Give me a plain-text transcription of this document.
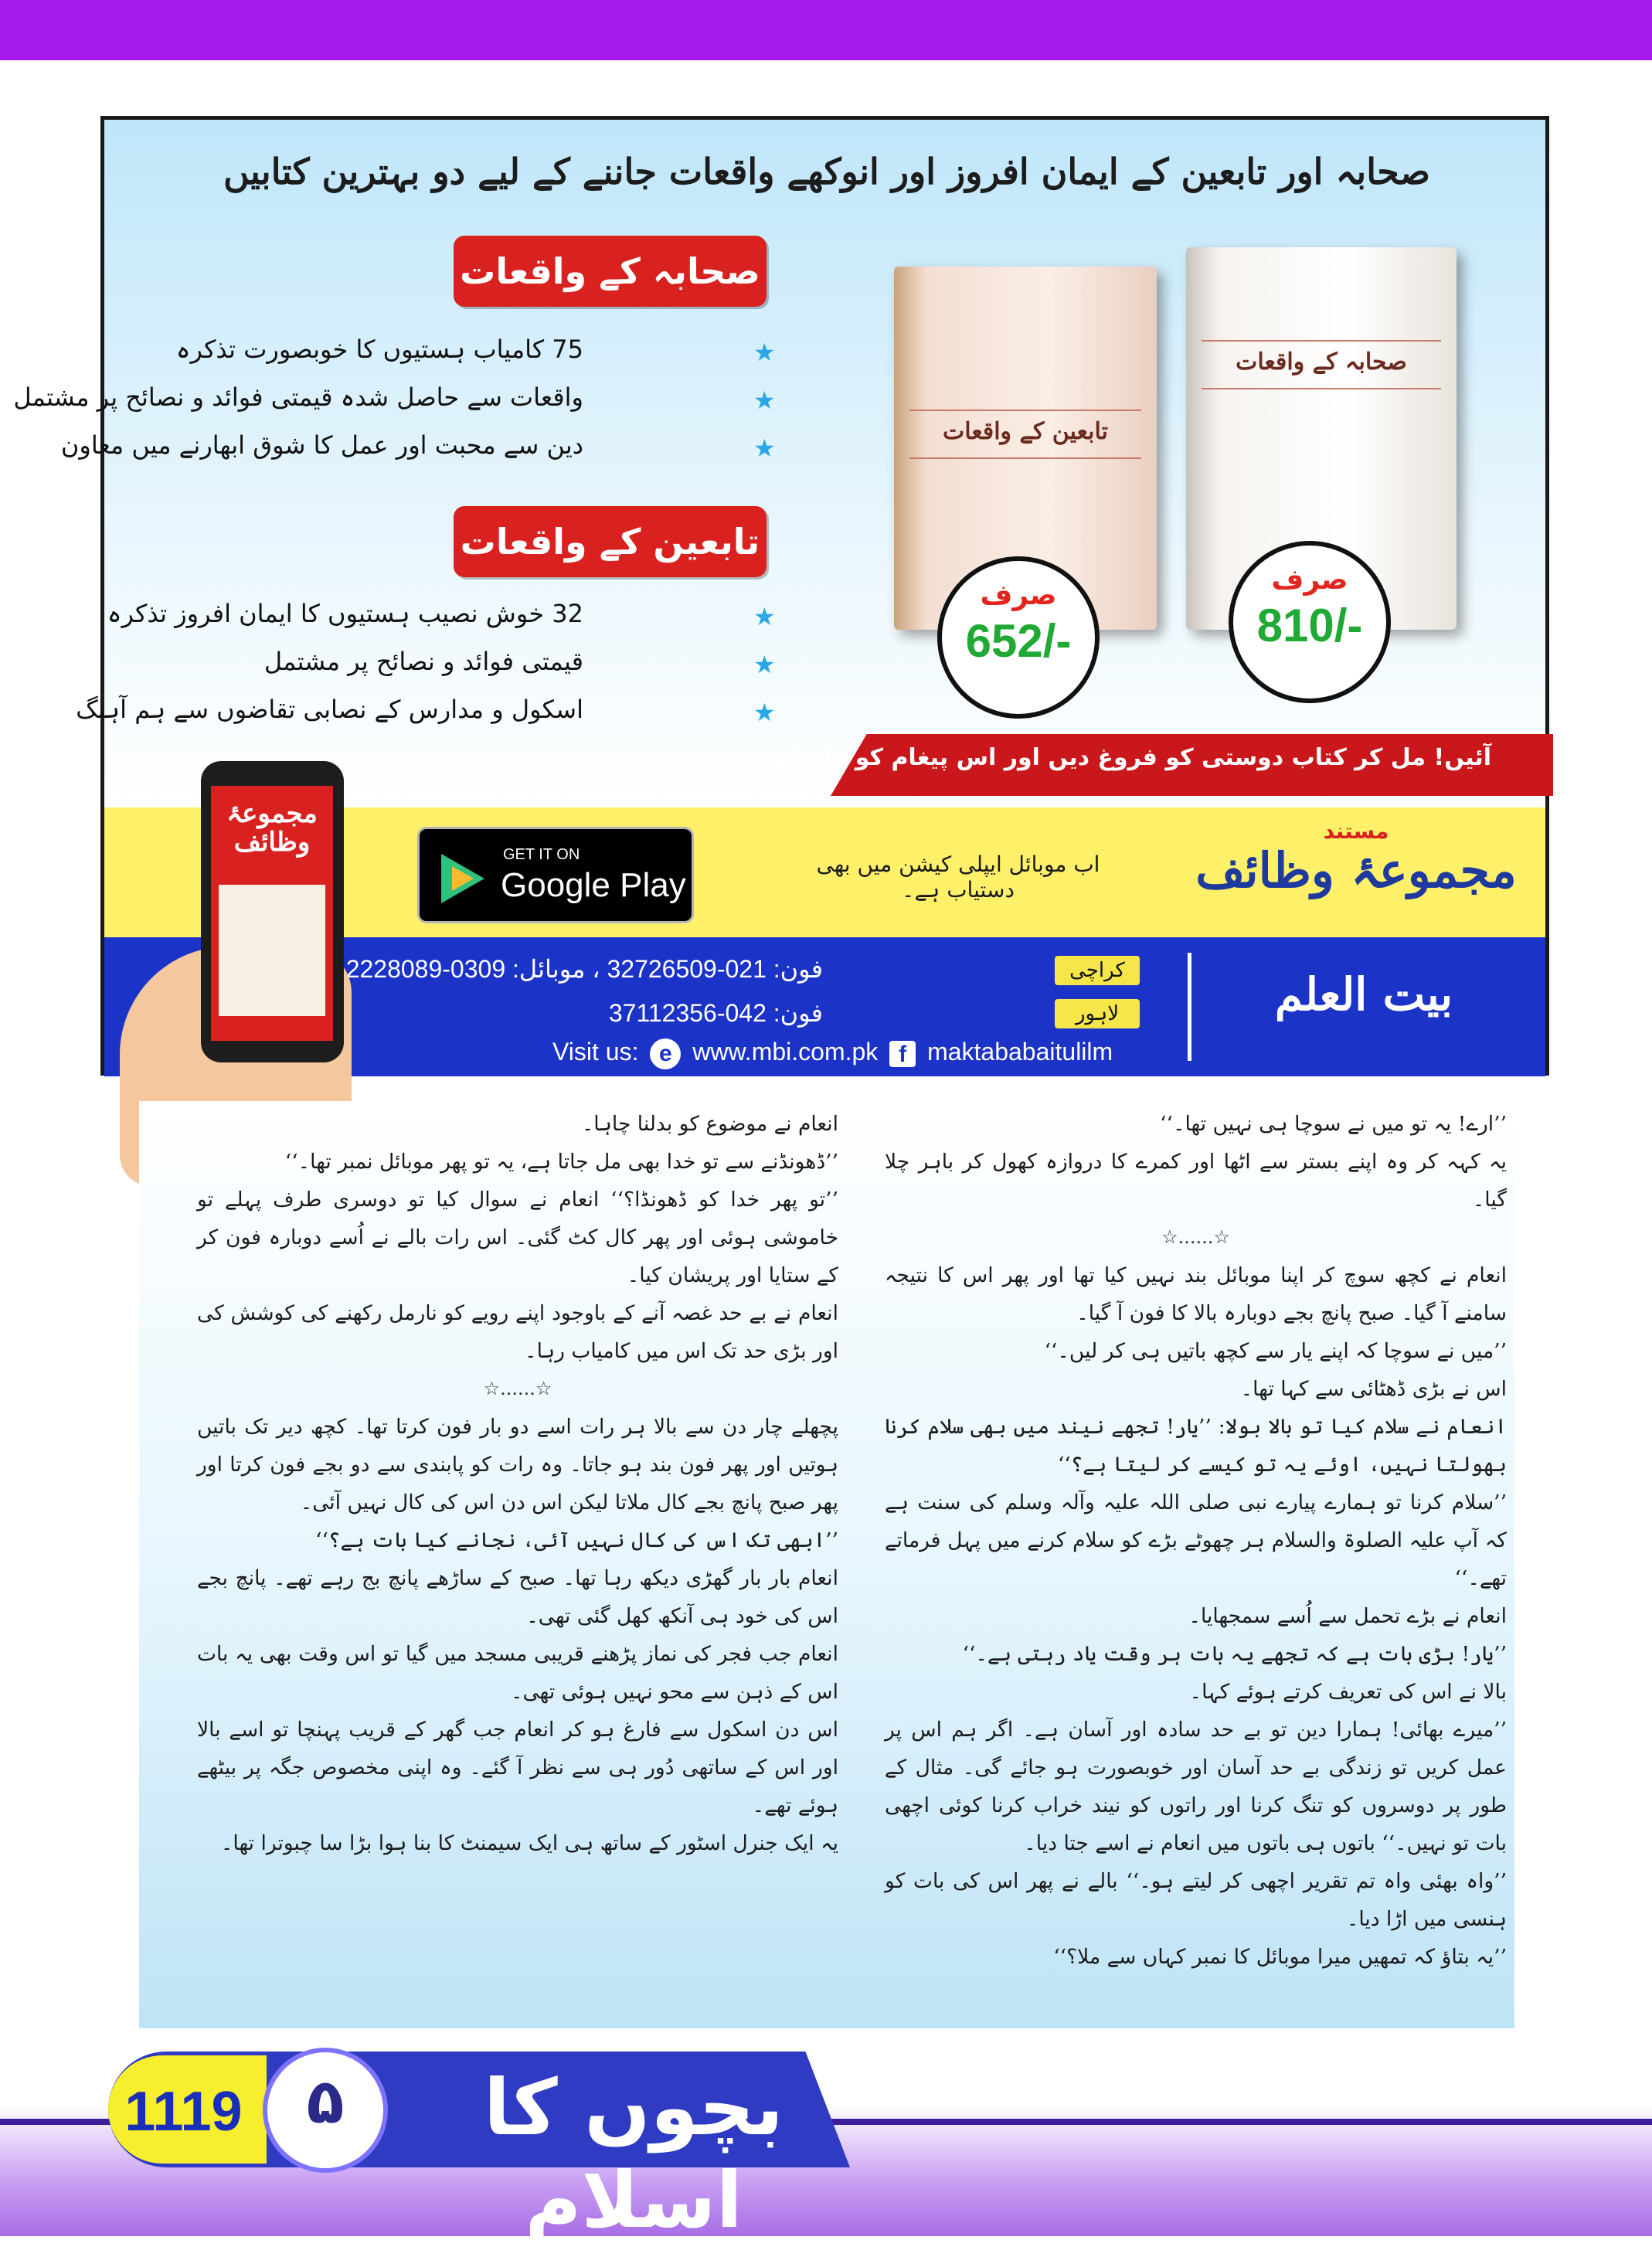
صحابہ اور تابعین کے ایمان افروز اور انوکھے واقعات جاننے کے لیے دو بہترین کتابیں
صحابہ کے واقعات
75 کامیاب ہستیوں کا خوبصورت تذکرہ	★
واقعات سے حاصل شدہ قیمتی فوائد و نصائح پر مشتمل	★
دین سے محبت اور عمل کا شوق ابھارنے میں معاون	★
تابعین کے واقعات
32 خوش نصیب ہستیوں کا ایمان افروز تذکرہ	★
قیمتی فوائد و نصائح پر مشتمل	★
اسکول و مدارس کے نصابی تقاضوں سے ہم آہنگ	★
تابعین کے واقعات
صحابہ کے واقعات
صرف
652/-
صرف
810/-
آئیں! مل کر کتاب دوستی کو فروغ دیں اور اس پیغام کو عام کریں۔
GET IT ON
Google Play
اب موبائل ایپلی کیشن میں بھی دستیاب ہے۔
مستند
مجموعۂ وظائف
بیت العلم
کراچی
لاہور
فون: 021-32726509 ، موبائل: 0309-2228089
فون: 042-37112356
Visit us: e www.mbi.com.pk f maktababaitulilm
مجموعۂ وظائف

’’ارے! یہ تو میں نے سوچا ہی نہیں تھا۔‘‘

یہ کہہ کر وہ اپنے بستر سے اٹھا اور کمرے کا دروازہ کھول کر باہر چلا گیا۔

☆......☆

انعام نے کچھ سوچ کر اپنا موبائل بند نہیں کیا تھا اور پھر اس کا نتیجہ سامنے آ گیا۔ صبح پانچ بجے دوبارہ بالا کا فون آ گیا۔

’’میں نے سوچا کہ اپنے یار سے کچھ باتیں ہی کر لیں۔‘‘

اس نے بڑی ڈھٹائی سے کہا تھا۔

انعام نے سلام کیا تو بالا بولا: ’’یار! تجھے نیند میں بھی سلام کرنا بھولتا نہیں، اوئے یہ تو کیسے کر لیتا ہے؟‘‘

’’سلام کرنا تو ہمارے پیارے نبی صلی اللہ علیہ وآلہ وسلم کی سنت ہے کہ آپ علیہ الصلوۃ والسلام ہر چھوٹے بڑے کو سلام کرنے میں پہل فرماتے تھے۔‘‘

انعام نے بڑے تحمل سے اُسے سمجھایا۔

’’یار! بڑی بات ہے کہ تجھے یہ بات ہر وقت یاد رہتی ہے۔‘‘

بالا نے اس کی تعریف کرتے ہوئے کہا۔

’’میرے بھائی! ہمارا دین تو بے حد سادہ اور آسان ہے۔ اگر ہم اس پر عمل کریں تو زندگی بے حد آسان اور خوبصورت ہو جائے گی۔ مثال کے طور پر دوسروں کو تنگ کرنا اور راتوں کو نیند خراب کرنا کوئی اچھی بات تو نہیں۔‘‘ باتوں ہی باتوں میں انعام نے اسے جتا دیا۔

’’واہ بھئی واہ تم تقریر اچھی کر لیتے ہو۔‘‘ بالے نے پھر اس کی بات کو ہنسی میں اڑا دیا۔

’’یہ بتاؤ کہ تمھیں میرا موبائل کا نمبر کہاں سے ملا؟‘‘

انعام نے موضوع کو بدلنا چاہا۔

’’ڈھونڈنے سے تو خدا بھی مل جاتا ہے، یہ تو پھر موبائل نمبر تھا۔‘‘

’’تو پھر خدا کو ڈھونڈا؟‘‘ انعام نے سوال کیا تو دوسری طرف پہلے تو خاموشی ہوئی اور پھر کال کٹ گئی۔ اس رات بالے نے اُسے دوبارہ فون کر کے ستایا اور پریشان کیا۔

انعام نے بے حد غصہ آنے کے باوجود اپنے رویے کو نارمل رکھنے کی کوشش کی اور بڑی حد تک اس میں کامیاب رہا۔

☆......☆

پچھلے چار دن سے بالا ہر رات اسے دو بار فون کرتا تھا۔ کچھ دیر تک باتیں ہوتیں اور پھر فون بند ہو جاتا۔ وہ رات کو پابندی سے دو بجے فون کرتا اور پھر صبح پانچ بجے کال ملاتا لیکن اس دن اس کی کال نہیں آئی۔

’’ابھی تک اس کی کال نہیں آئی، نجانے کیا بات ہے؟‘‘

انعام بار بار گھڑی دیکھ رہا تھا۔ صبح کے ساڑھے پانچ بج رہے تھے۔ پانچ بجے اس کی خود ہی آنکھ کھل گئی تھی۔

انعام جب فجر کی نماز پڑھنے قریبی مسجد میں گیا تو اس وقت بھی یہ بات اس کے ذہن سے محو نہیں ہوئی تھی۔

اس دن اسکول سے فارغ ہو کر انعام جب گھر کے قریب پہنچا تو اسے بالا اور اس کے ساتھی دُور ہی سے نظر آ گئے۔ وہ اپنی مخصوص جگہ پر بیٹھے ہوئے تھے۔

یہ ایک جنرل اسٹور کے ساتھ ہی ایک سیمنٹ کا بنا ہوا بڑا سا چبوترا تھا۔

1119	۵	بچوں کا اسلام
